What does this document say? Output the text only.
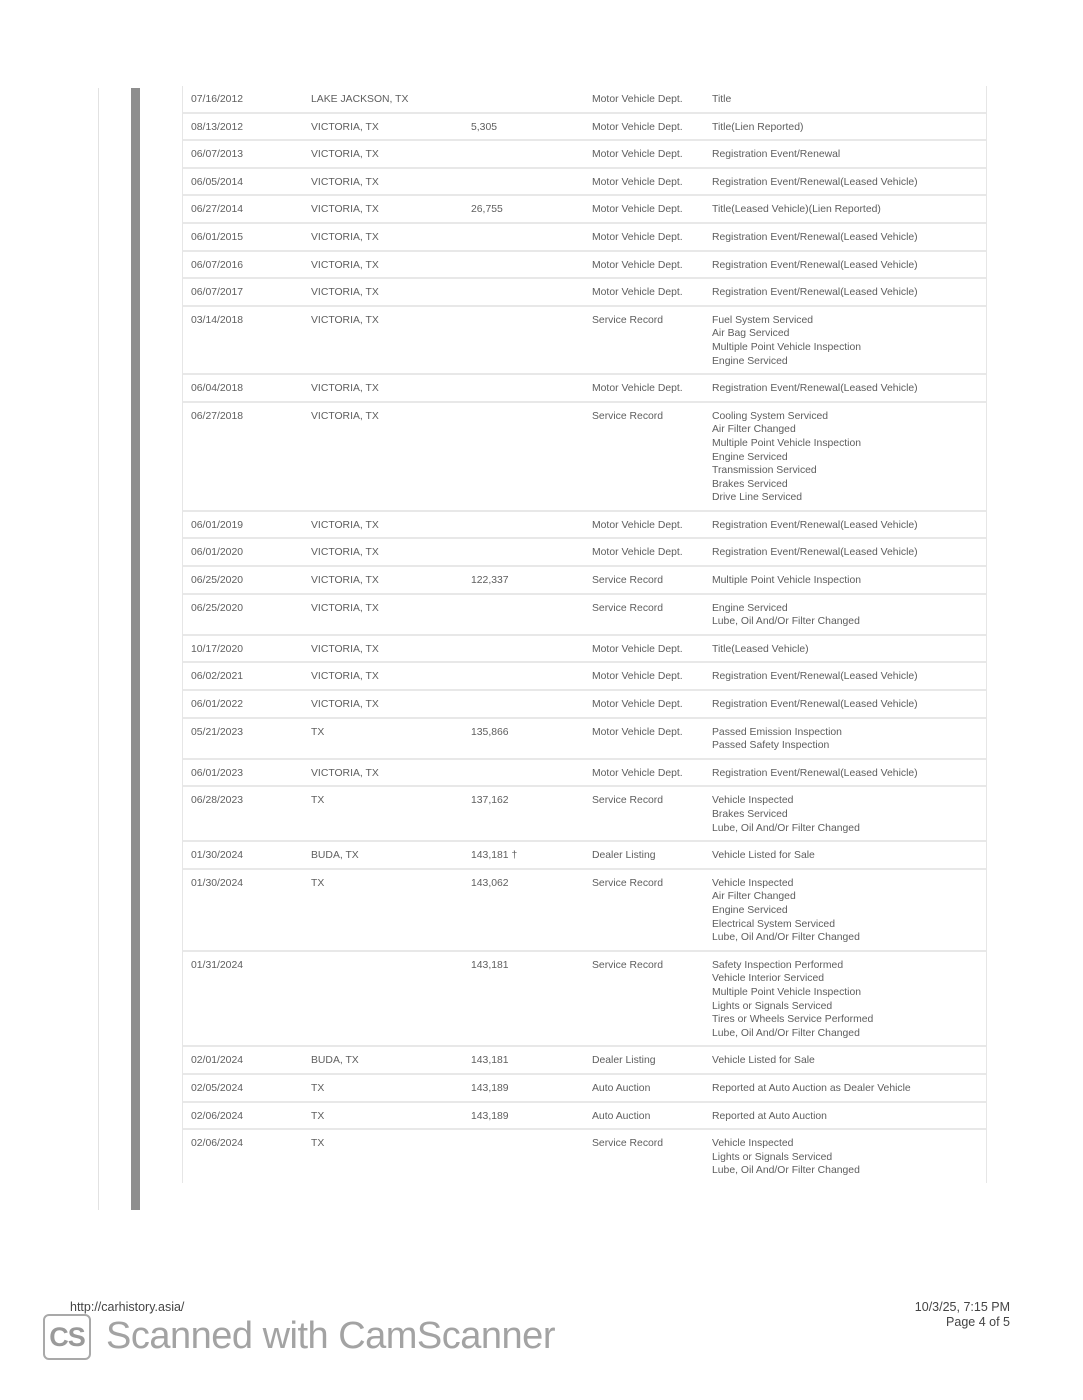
07/16/2012	LAKE JACKSON, TX	Motor Vehicle Dept.	Title
08/13/2012	VICTORIA, TX	5,305	Motor Vehicle Dept.	Title(Lien Reported)
06/07/2013	VICTORIA, TX	Motor Vehicle Dept.	Registration Event/Renewal
06/05/2014	VICTORIA, TX	Motor Vehicle Dept.	Registration Event/Renewal(Leased Vehicle)
06/27/2014	VICTORIA, TX	26,755	Motor Vehicle Dept.	Title(Leased Vehicle)(Lien Reported)
06/01/2015	VICTORIA, TX	Motor Vehicle Dept.	Registration Event/Renewal(Leased Vehicle)
06/07/2016	VICTORIA, TX	Motor Vehicle Dept.	Registration Event/Renewal(Leased Vehicle)
06/07/2017	VICTORIA, TX	Motor Vehicle Dept.	Registration Event/Renewal(Leased Vehicle)
03/14/2018	VICTORIA, TX	Service Record	Fuel System Serviced
Air Bag Serviced
Multiple Point Vehicle Inspection
Engine Serviced
06/04/2018	VICTORIA, TX	Motor Vehicle Dept.	Registration Event/Renewal(Leased Vehicle)
06/27/2018	VICTORIA, TX	Service Record	Cooling System Serviced
Air Filter Changed
Multiple Point Vehicle Inspection
Engine Serviced
Transmission Serviced
Brakes Serviced
Drive Line Serviced
06/01/2019	VICTORIA, TX	Motor Vehicle Dept.	Registration Event/Renewal(Leased Vehicle)
06/01/2020	VICTORIA, TX	Motor Vehicle Dept.	Registration Event/Renewal(Leased Vehicle)
06/25/2020	VICTORIA, TX	122,337	Service Record	Multiple Point Vehicle Inspection
06/25/2020	VICTORIA, TX	Service Record	Engine Serviced
Lube, Oil And/Or Filter Changed
10/17/2020	VICTORIA, TX	Motor Vehicle Dept.	Title(Leased Vehicle)
06/02/2021	VICTORIA, TX	Motor Vehicle Dept.	Registration Event/Renewal(Leased Vehicle)
06/01/2022	VICTORIA, TX	Motor Vehicle Dept.	Registration Event/Renewal(Leased Vehicle)
05/21/2023	TX	135,866	Motor Vehicle Dept.	Passed Emission Inspection
Passed Safety Inspection
06/01/2023	VICTORIA, TX	Motor Vehicle Dept.	Registration Event/Renewal(Leased Vehicle)
06/28/2023	TX	137,162	Service Record	Vehicle Inspected
Brakes Serviced
Lube, Oil And/Or Filter Changed
01/30/2024	BUDA, TX	143,181 †	Dealer Listing	Vehicle Listed for Sale
01/30/2024	TX	143,062	Service Record	Vehicle Inspected
Air Filter Changed
Engine Serviced
Electrical System Serviced
Lube, Oil And/Or Filter Changed
01/31/2024	143,181	Service Record	Safety Inspection Performed
Vehicle Interior Serviced
Multiple Point Vehicle Inspection
Lights or Signals Serviced
Tires or Wheels Service Performed
Lube, Oil And/Or Filter Changed
02/01/2024	BUDA, TX	143,181	Dealer Listing	Vehicle Listed for Sale
02/05/2024	TX	143,189	Auto Auction	Reported at Auto Auction as Dealer Vehicle
02/06/2024	TX	143,189	Auto Auction	Reported at Auto Auction
02/06/2024	TX	Service Record	Vehicle Inspected
Lights or Signals Serviced
Lube, Oil And/Or Filter Changed
http://carhistory.asia/	10/3/25, 7:15 PM
Page 4 of 5
CS Scanned with CamScanner
